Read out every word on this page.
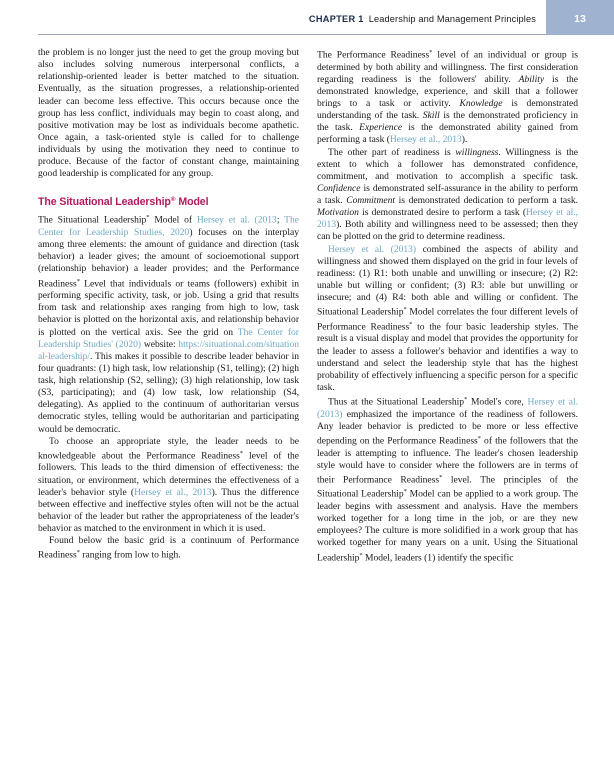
CHAPTER 1 Leadership and Management Principles	13

the problem is no longer just the need to get the group moving but also includes solving numerous interpersonal conflicts, a relationship-oriented leader is better matched to the situation. Eventually, as the situation progresses, a relationship-oriented leader can become less effective. This occurs because once the group has less conflict, individuals may begin to coast along, and positive motivation may be lost as individuals become apathetic. Once again, a task-oriented style is called for to challenge individuals by using the motivation they need to continue to produce. Because of the factor of constant change, maintaining good leadership is complicated for any group.

The Situational Leadership® Model

The Situational Leadership* Model of Hersey et al. (2013; The Center for Leadership Studies, 2020) focuses on the interplay among three elements: the amount of guidance and direction (task behavior) a leader gives; the amount of socioemotional support (relationship behavior) a leader provides; and the Performance Readiness* Level that individuals or teams (followers) exhibit in performing specific activity, task, or job. Using a grid that results from task and relationship axes ranging from high to low, task behavior is plotted on the horizontal axis, and relationship behavior is plotted on the vertical axis. See the grid on The Center for Leadership Studies' (2020) website: https://situational.com/situational-leadership/. This makes it possible to describe leader behavior in four quadrants: (1) high task, low relationship (S1, telling); (2) high task, high relationship (S2, selling); (3) high relationship, low task (S3, participating); and (4) low task, low relationship (S4, delegating). As applied to the continuum of authoritarian versus democratic styles, telling would be authoritarian and participating would be democratic.

To choose an appropriate style, the leader needs to be knowledgeable about the Performance Readiness* level of the followers. This leads to the third dimension of effectiveness: the situation, or environment, which determines the effectiveness of a leader's behavior style (Hersey et al., 2013). Thus the difference between effective and ineffective styles often will not be the actual behavior of the leader but rather the appropriateness of the leader's behavior as matched to the environment in which it is used.

Found below the basic grid is a continuum of Performance Readiness* ranging from low to high.

The Performance Readiness* level of an individual or group is determined by both ability and willingness. The first consideration regarding readiness is the followers' ability. Ability is the demonstrated knowledge, experience, and skill that a follower brings to a task or activity. Knowledge is demonstrated understanding of the task. Skill is the demonstrated proficiency in the task. Experience is the demonstrated ability gained from performing a task (Hersey et al., 2013).

The other part of readiness is willingness. Willingness is the extent to which a follower has demonstrated confidence, commitment, and motivation to accomplish a specific task. Confidence is demonstrated self-assurance in the ability to perform a task. Commitment is demonstrated dedication to perform a task. Motivation is demonstrated desire to perform a task (Hersey et al., 2013). Both ability and willingness need to be assessed; then they can be plotted on the grid to determine readiness.

Hersey et al. (2013) combined the aspects of ability and willingness and showed them displayed on the grid in four levels of readiness: (1) R1: both unable and unwilling or insecure; (2) R2: unable but willing or confident; (3) R3: able but unwilling or insecure; and (4) R4: both able and willing or confident. The Situational Leadership* Model correlates the four different levels of Performance Readiness* to the four basic leadership styles. The result is a visual display and model that provides the opportunity for the leader to assess a follower's behavior and identifies a way to understand and select the leadership style that has the highest probability of effectively influencing a specific person for a specific task.

Thus at the Situational Leadership* Model's core, Hersey et al. (2013) emphasized the importance of the readiness of followers. Any leader behavior is predicted to be more or less effective depending on the Performance Readiness* of the followers that the leader is attempting to influence. The leader's chosen leadership style would have to consider where the followers are in terms of their Performance Readiness* level. The principles of the Situational Leadership* Model can be applied to a work group. The leader begins with assessment and analysis. Have the members worked together for a long time in the job, or are they new employees? The culture is more solidified in a work group that has worked together for many years on a unit. Using the Situational Leadership* Model, leaders (1) identify the specific
